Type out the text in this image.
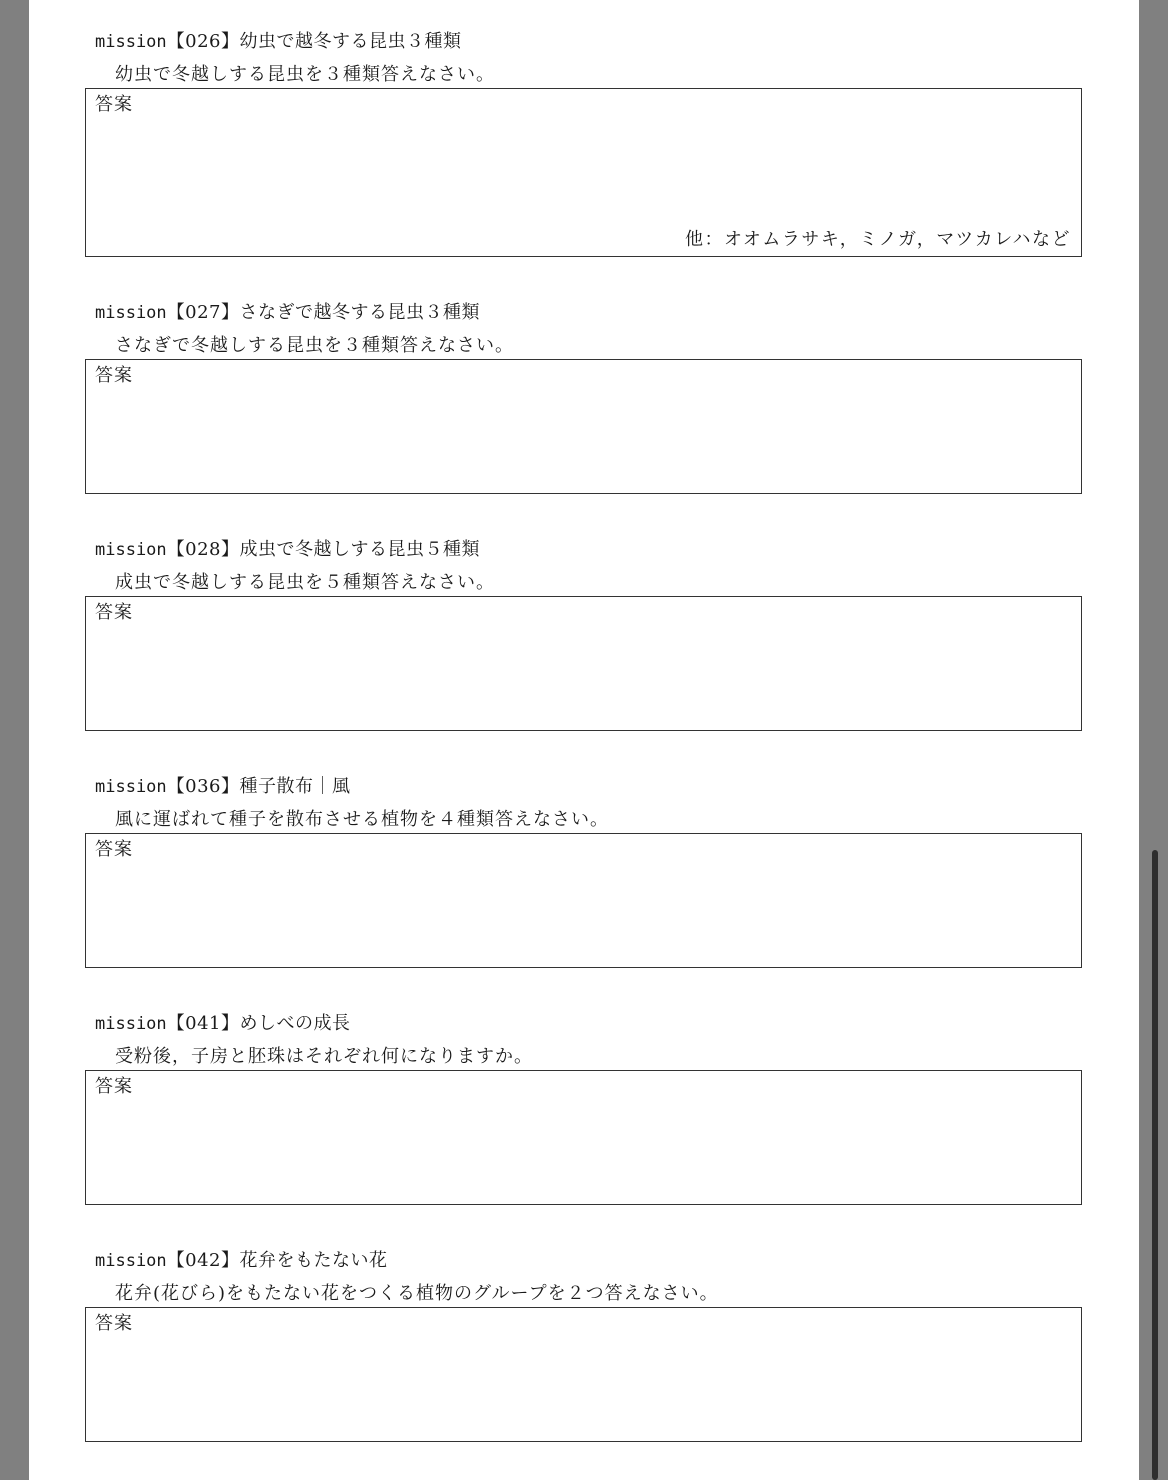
mission【026】幼虫で越冬する昆虫３種類
幼虫で冬越しする昆虫を３種類答えなさい。
答案
他：オオムラサキ，ミノガ，マツカレハなど
mission【027】さなぎで越冬する昆虫３種類
さなぎで冬越しする昆虫を３種類答えなさい。
答案
mission【028】成虫で冬越しする昆虫５種類
成虫で冬越しする昆虫を５種類答えなさい。
答案
mission【036】種子散布｜風
風に運ばれて種子を散布させる植物を４種類答えなさい。
答案
mission【041】めしべの成長
受粉後，子房と胚珠はそれぞれ何になりますか。
答案
mission【042】花弁をもたない花
花弁(花びら)をもたない花をつくる植物のグループを２つ答えなさい。
答案
